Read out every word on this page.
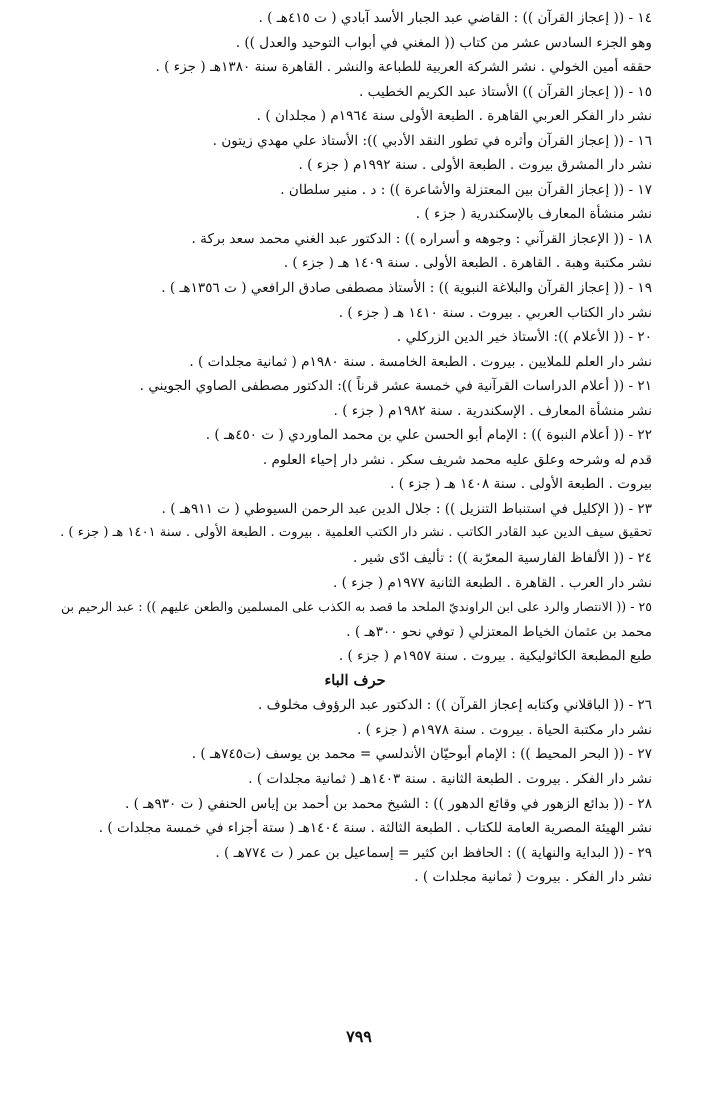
١٤ - (( إعجاز القرآن )) : القاضي عبد الجبار الأسد آبادي ( ت ٤١٥هـ ) .
وهو الجزء السادس عشر من كتاب (( المغني في أبواب التوحيد والعدل )) .
حققه أمين الخولي . نشر الشركة العربية للطباعة والنشر . القاهرة سنة ١٣٨٠هـ ( جزء ) .
١٥ - (( إعجاز القرآن )) الأستاذ عبد الكريم الخطيب .
نشر دار الفكر العربي القاهرة . الطبعة الأولى سنة ١٩٦٤م ( مجلدان ) .
١٦ - (( إعجاز القرآن وأثره في تطور النقد الأدبي )): الأستاذ علي مهدي زيتون .
نشر دار المشرق بيروت . الطبعة الأولى . سنة ١٩٩٢م ( جزء ) .
١٧ - (( إعجاز القرآن بين المعتزلة والأشاعرة )) : د . منير سلطان .
نشر منشأة المعارف بالإسكندرية ( جزء ) .
١٨ - (( الإعجاز القرآني : وجوهه و أسراره )) : الدكتور عبد الغني محمد سعد بركة .
نشر مكتبة وهبة . القاهرة . الطبعة الأولى . سنة ١٤٠٩ هـ ( جزء ) .
١٩ - (( إعجاز القرآن والبلاغة النبوية )) : الأستاذ مصطفى صادق الرافعي ( ت ١٣٥٦هـ ) .
نشر دار الكتاب العربي . بيروت . سنة ١٤١٠ هـ ( جزء ) .
٢٠ - (( الأعلام )): الأستاذ خير الدين الزركلي .
نشر دار العلم للملايين . بيروت . الطبعة الخامسة . سنة ١٩٨٠م ( ثمانية مجلدات ) .
٢١ - (( أعلام الدراسات القرآنية في خمسة عشر قرناً )): الدكتور مصطفى الصاوي الجويني .
نشر منشأة المعارف . الإسكندرية . سنة ١٩٨٢م ( جزء ) .
٢٢ - (( أعلام النبوة )) : الإمام أبو الحسن علي بن محمد الماوردي ( ت ٤٥٠هـ ) .
قدم له وشرحه وعلق عليه محمد شريف سكر . نشر دار إحياء العلوم .
بيروت . الطبعة الأولى . سنة ١٤٠٨ هـ ( جزء ) .
٢٣ - (( الإكليل في استنباط التنزيل )) : جلال الدين عبد الرحمن السيوطي ( ت ٩١١هـ ) .
تحقيق سيف الدين عبد القادر الكاتب . نشر دار الكتب العلمية . بيروت . الطبعة الأولى . سنة ١٤٠١ هـ ( جزء ) .
٢٤ - (( الألفاظ الفارسية المعرّبة )) : تأليف ادّى شير .
نشر دار العرب . القاهرة . الطبعة الثانية ١٩٧٧م ( جزء ) .
٢٥ - (( الانتصار والرد على ابن الراونديّ الملحد ما قصد به الكذب على المسلمين والطعن عليهم )) : عبد الرحيم بن
محمد بن عثمان الخياط المعتزلي ( توفي نحو ٣٠٠هـ ) .
طبع المطبعة الكاثوليكية . بيروت . سنة ١٩٥٧م ( جزء ) .
حرف الباء
٢٦ - (( الباقلاني وكتابه إعجاز القرآن )) : الدكتور عبد الرؤوف مخلوف .
نشر دار مكتبة الحياة . بيروت . سنة ١٩٧٨م ( جزء ) .
٢٧ - (( البحر المحيط )) : الإمام أبوحيّان الأندلسي = محمد بن يوسف (ت٧٤٥هـ ) .
نشر دار الفكر . بيروت . الطبعة الثانية . سنة ١٤٠٣هـ ( ثمانية مجلدات ) .
٢٨ - (( بدائع الزهور في وقائع الدهور )) : الشيخ محمد بن أحمد بن إياس الحنفي ( ت ٩٣٠هـ ) .
نشر الهيئة المصرية العامة للكتاب . الطبعة الثالثة . سنة ١٤٠٤هـ ( ستة أجزاء في خمسة مجلدات ) .
٢٩ - (( البداية والنهاية )) : الحافظ ابن كثير = إسماعيل بن عمر ( ت ٧٧٤هـ ) .
نشر دار الفكر . بيروت ( ثمانية مجلدات ) .
٧٩٩
